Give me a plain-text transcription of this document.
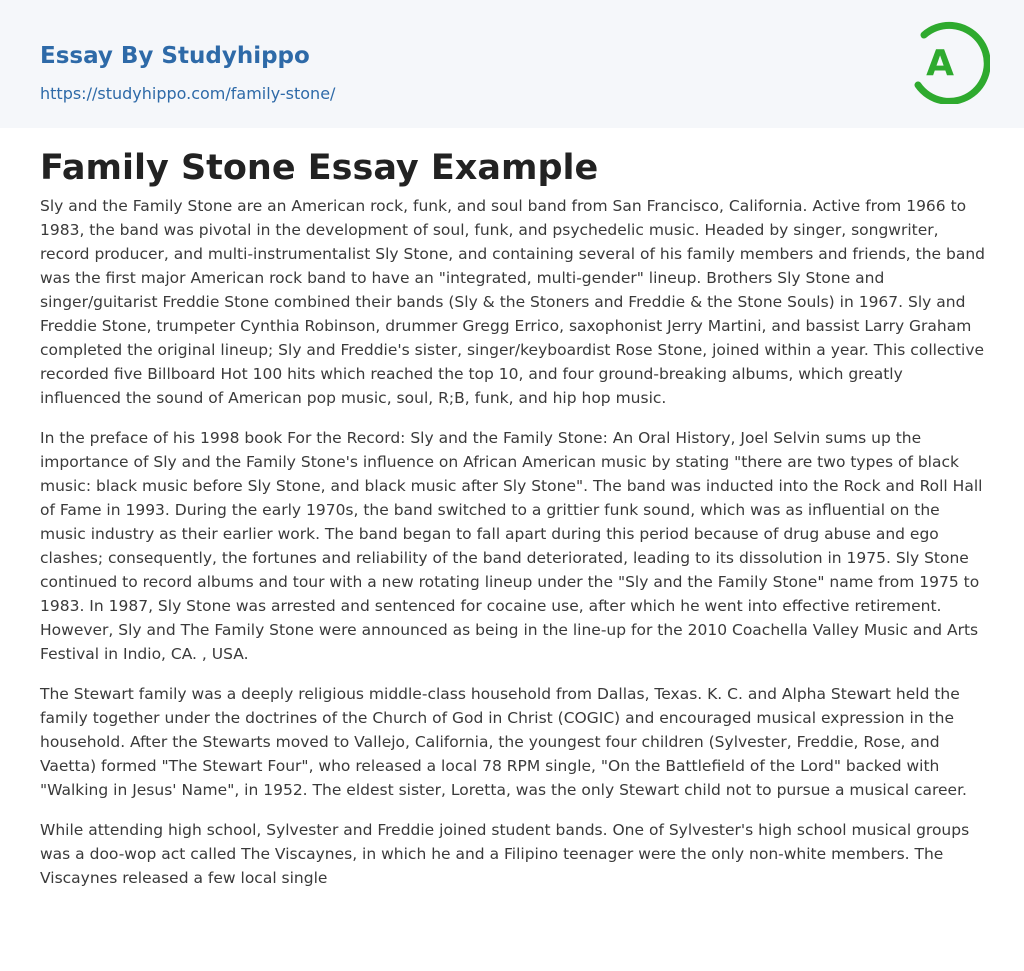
Essay By Studyhippo
https://studyhippo.com/family-stone/
A
Family Stone Essay Example

Sly and the Family Stone are an American rock, funk, and soul band from San Francisco, California. Active from 1966 to 1983, the band was pivotal in the development of soul, funk, and psychedelic music. Headed by singer, songwriter, record producer, and multi-instrumentalist Sly Stone, and containing several of his family members and friends, the band was the first major American rock band to have an "integrated, multi-gender" lineup. Brothers Sly Stone and singer/guitarist Freddie Stone combined their bands (Sly & the Stoners and Freddie & the Stone Souls) in 1967. Sly and Freddie Stone, trumpeter Cynthia Robinson, drummer Gregg Errico, saxophonist Jerry Martini, and bassist Larry Graham completed the original lineup; Sly and Freddie's sister, singer/keyboardist Rose Stone, joined within a year. This collective recorded five Billboard Hot 100 hits which reached the top 10, and four ground-breaking albums, which greatly influenced the sound of American pop music, soul, R;B, funk, and hip hop music.

In the preface of his 1998 book For the Record: Sly and the Family Stone: An Oral History, Joel Selvin sums up the importance of Sly and the Family Stone's influence on African American music by stating "there are two types of black music: black music before Sly Stone, and black music after Sly Stone". The band was inducted into the Rock and Roll Hall of Fame in 1993. During the early 1970s, the band switched to a grittier funk sound, which was as influential on the music industry as their earlier work. The band began to fall apart during this period because of drug abuse and ego clashes; consequently, the fortunes and reliability of the band deteriorated, leading to its dissolution in 1975. Sly Stone continued to record albums and tour with a new rotating lineup under the "Sly and the Family Stone" name from 1975 to 1983. In 1987, Sly Stone was arrested and sentenced for cocaine use, after which he went into effective retirement. However, Sly and The Family Stone were announced as being in the line-up for the 2010 Coachella Valley Music and Arts Festival in Indio, CA. , USA.

The Stewart family was a deeply religious middle-class household from Dallas, Texas. K. C. and Alpha Stewart held the family together under the doctrines of the Church of God in Christ (COGIC) and encouraged musical expression in the household. After the Stewarts moved to Vallejo, California, the youngest four children (Sylvester, Freddie, Rose, and Vaetta) formed "The Stewart Four", who released a local 78 RPM single, "On the Battlefield of the Lord" backed with "Walking in Jesus' Name", in 1952. The eldest sister, Loretta, was the only Stewart child not to pursue a musical career.

While attending high school, Sylvester and Freddie joined student bands. One of Sylvester's high school musical groups was a doo-wop act called The Viscaynes, in which he and a Filipino teenager were the only non-white members. The Viscaynes released a few local single
